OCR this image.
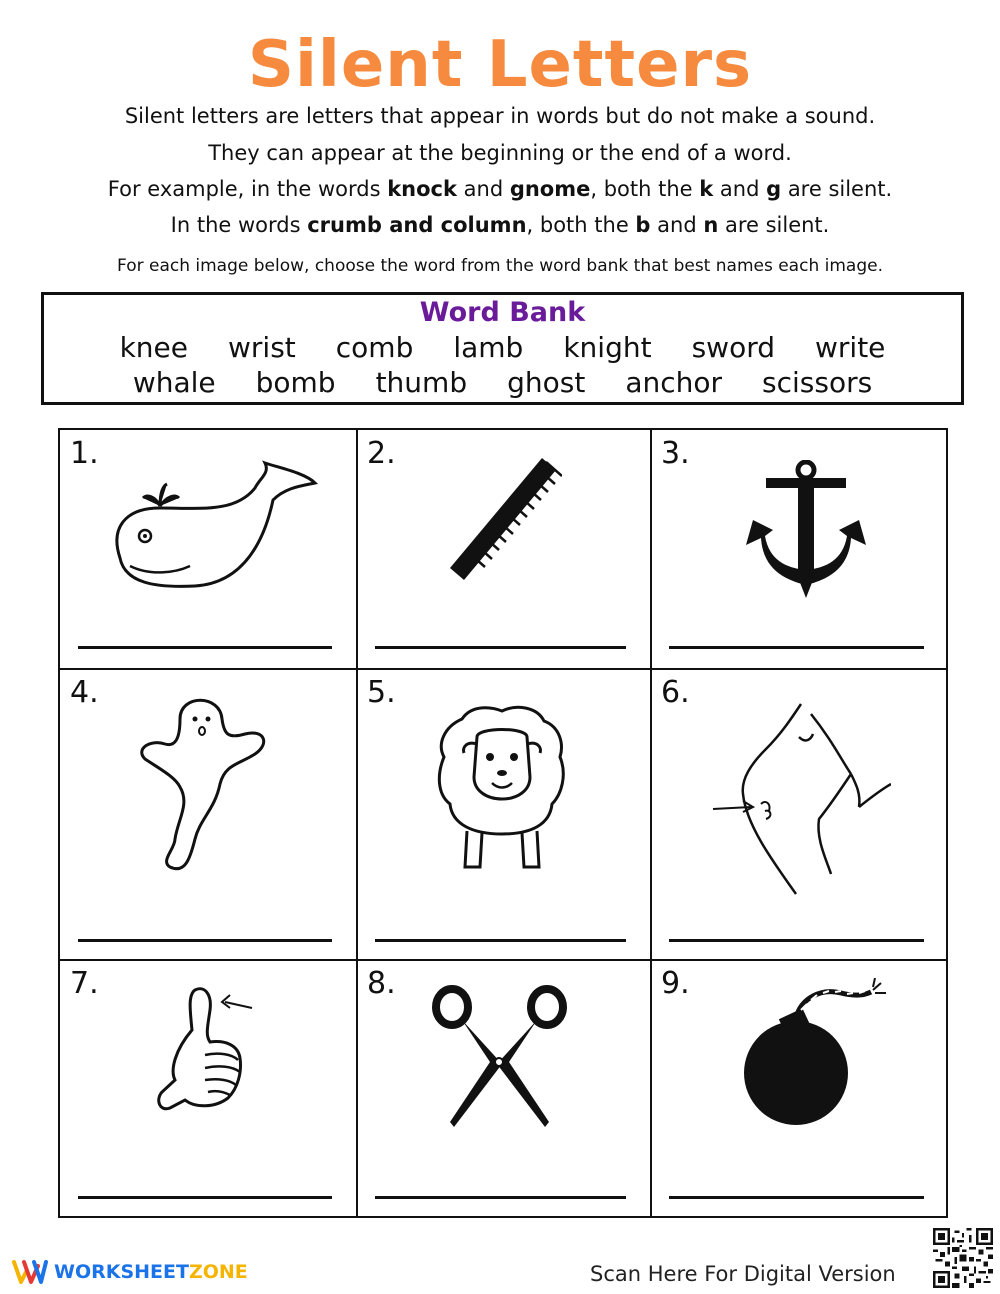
Silent Letters
Silent letters are letters that appear in words but do not make a sound.
They can appear at the beginning or the end of a word.
For example, in the words knock and gnome, both the k and g are silent.
In the words crumb and column, both the b and n are silent.
For each image below, choose the word from the word bank that best names each image.
Word Bank
knee wrist comb lamb knight sword write
whale bomb thumb ghost anchor scissors
1.	2.	3.
4.	5.	6.
7.	8.	9.
WORKSHEETZONE	Scan Here For Digital Version
